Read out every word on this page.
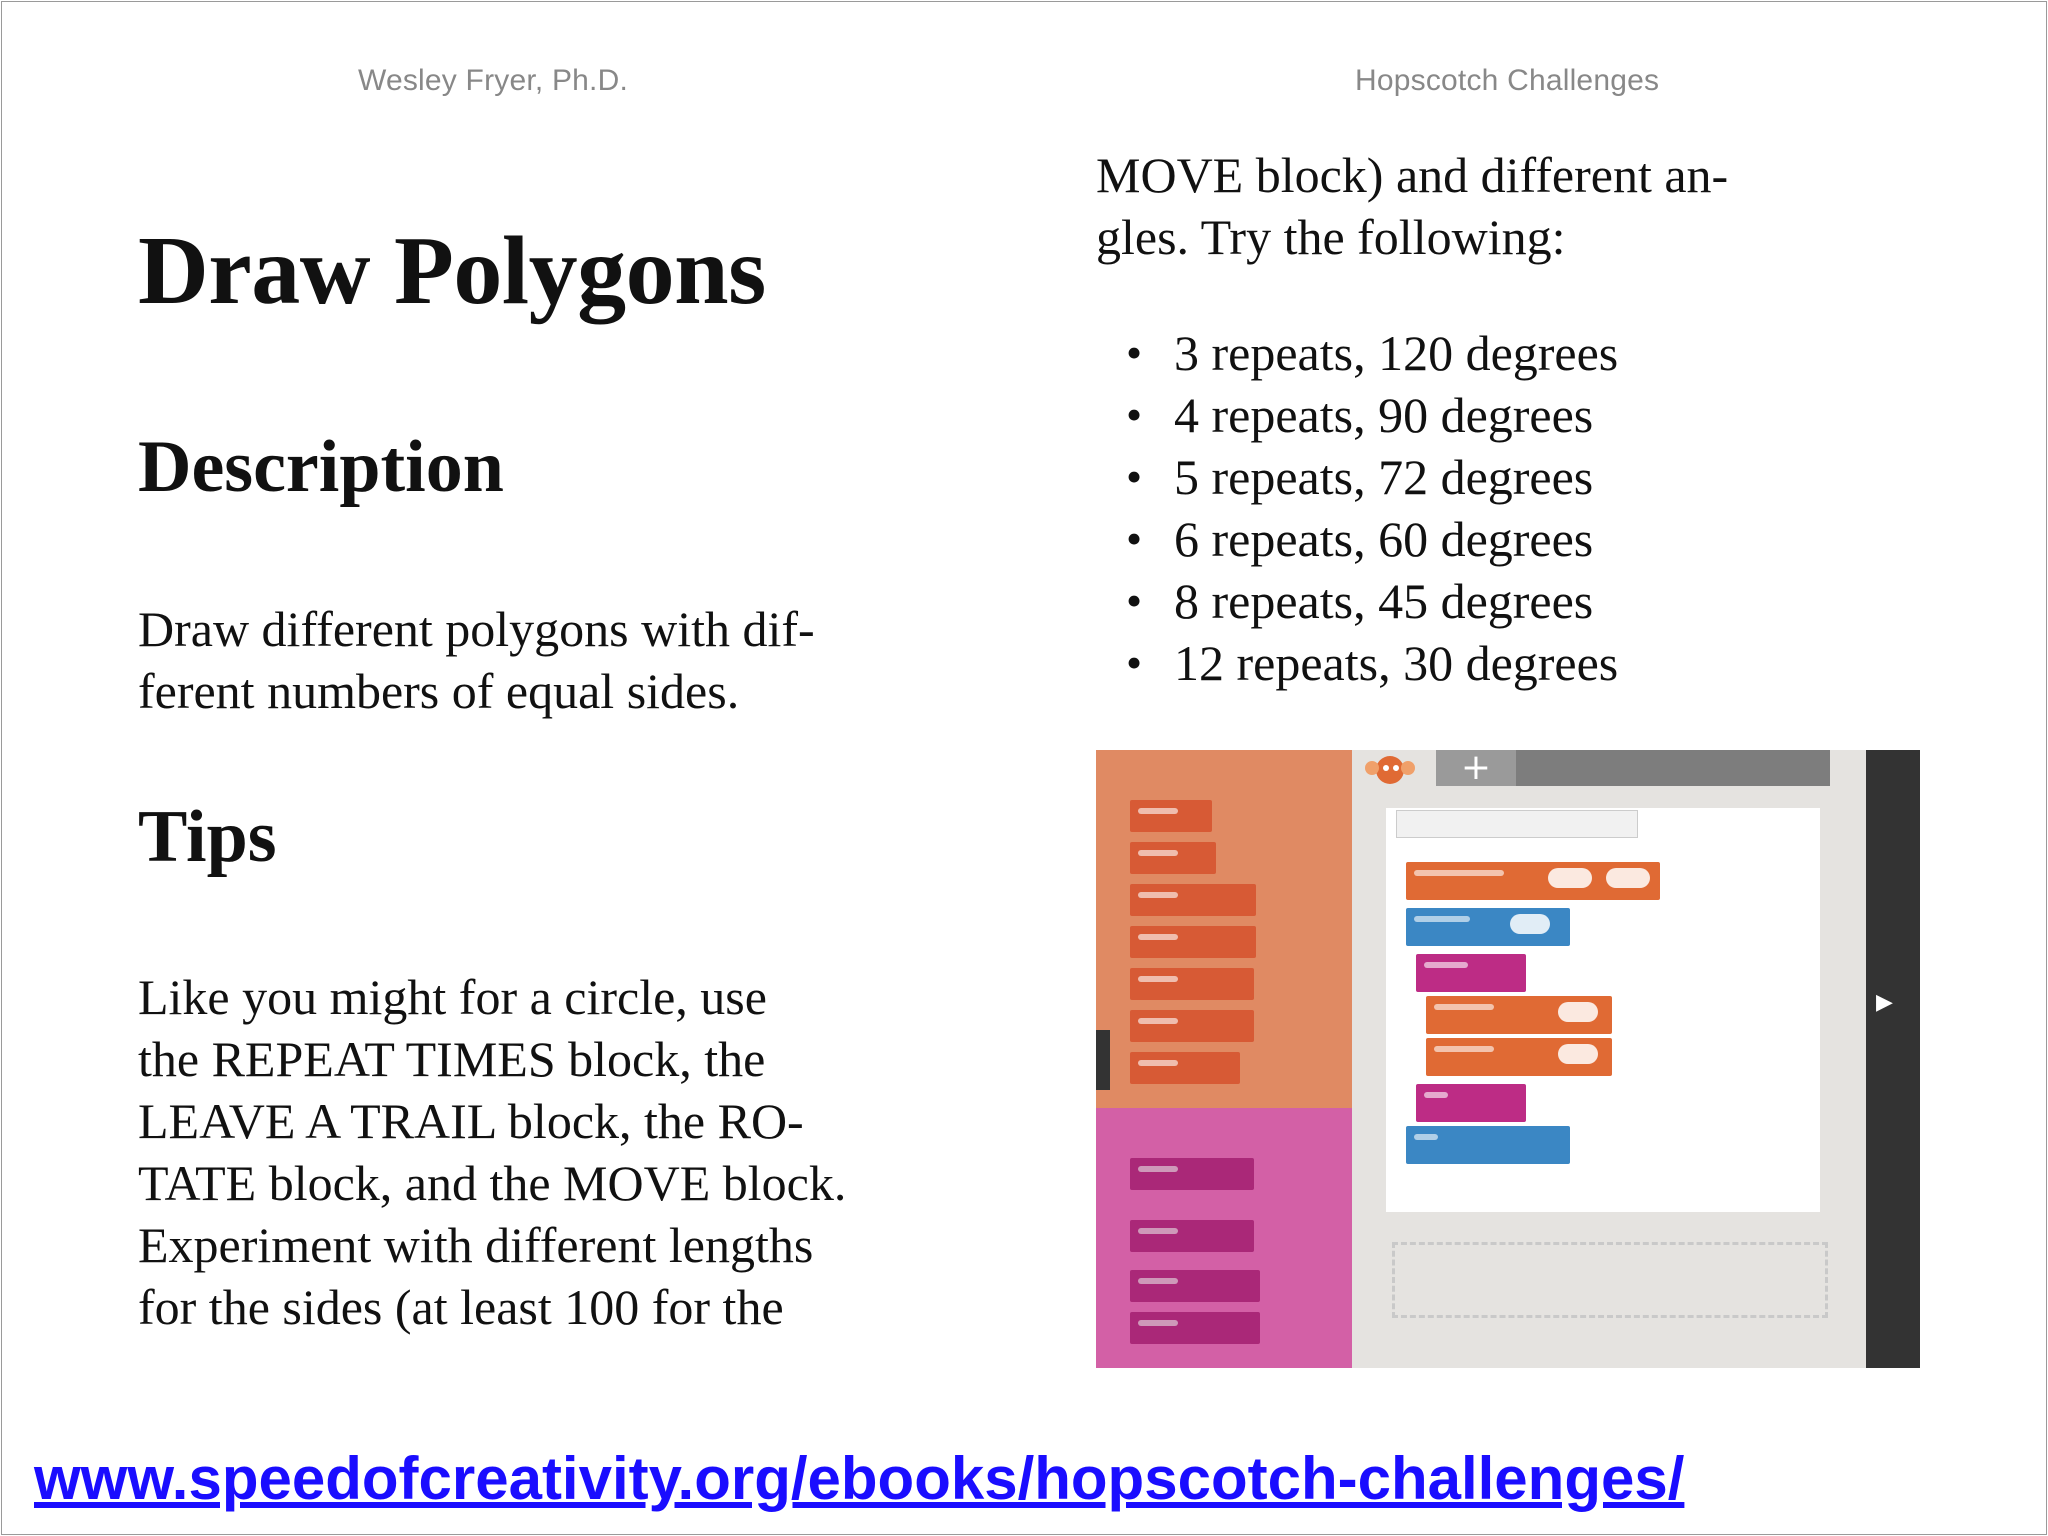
Wesley Fryer, Ph.D.	Hopscotch Challenges
Draw Polygons
Description
Draw different polygons with dif-
ferent numbers of equal sides.
Tips
Like you might for a circle, use
the REPEAT TIMES block, the
LEAVE A TRAIL block, the RO-
TATE block, and the MOVE block.
Experiment with different lengths
for the sides (at least 100 for the
MOVE block) and different an-
gles. Try the following:
• 3 repeats, 120 degrees
• 4 repeats, 90 degrees
• 5 repeats, 72 degrees
• 6 repeats, 60 degrees
• 8 repeats, 45 degrees
• 12 repeats, 30 degrees
+
▶
www.speedofcreativity.org/ebooks/hopscotch-challenges/
